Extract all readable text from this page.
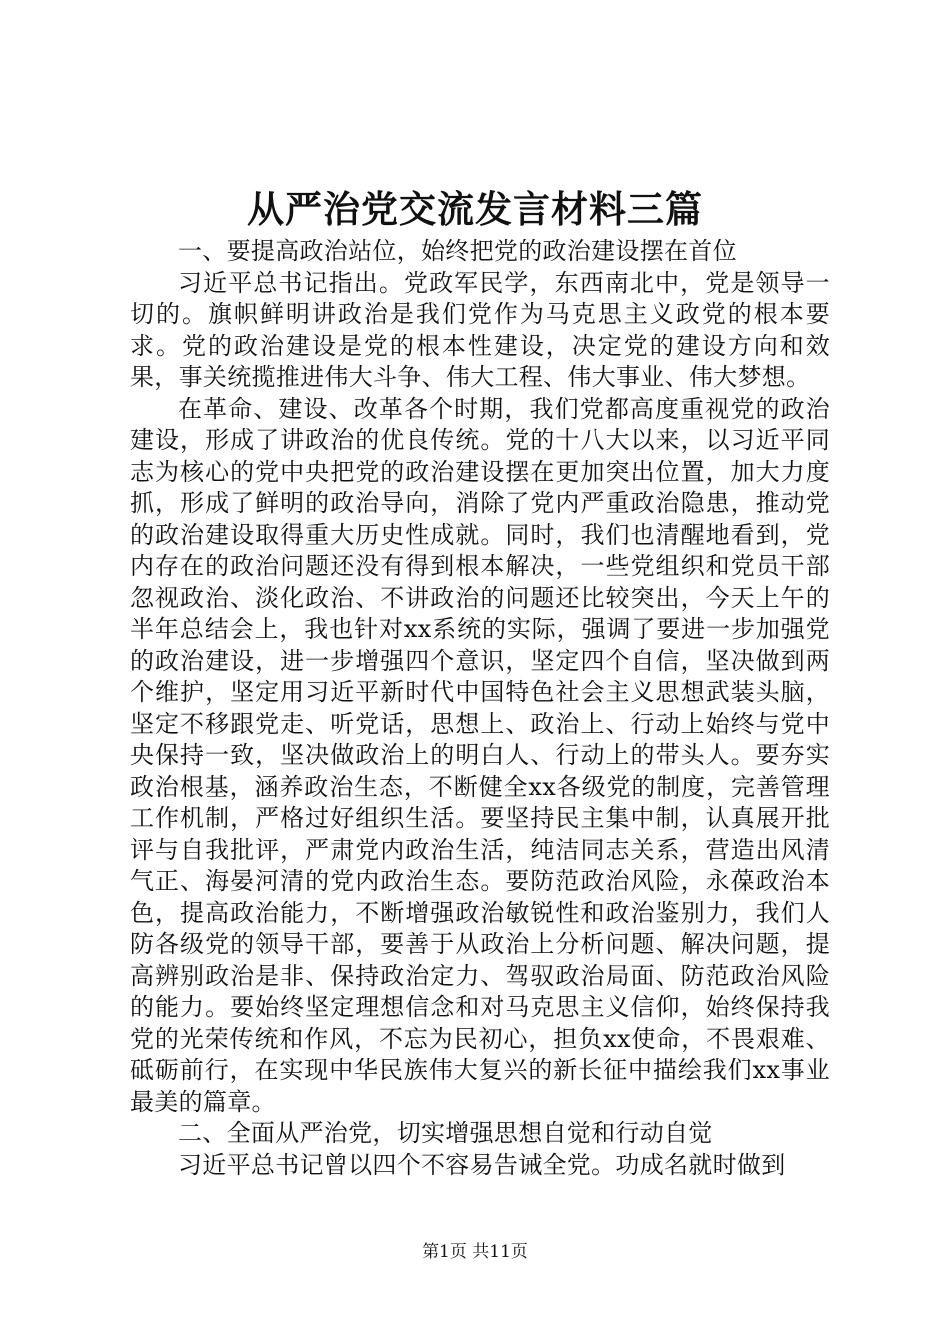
从严治党交流发言材料三篇

一、要提高政治站位，始终把党的政治建设摆在首位

习近平总书记指出。党政军民学，东西南北中，党是领导一切的。旗帜鲜明讲政治是我们党作为马克思主义政党的根本要求。党的政治建设是党的根本性建设，决定党的建设方向和效果，事关统揽推进伟大斗争、伟大工程、伟大事业、伟大梦想。

在革命、建设、改革各个时期，我们党都高度重视党的政治建设，形成了讲政治的优良传统。党的十八大以来，以习近平同志为核心的党中央把党的政治建设摆在更加突出位置，加大力度抓，形成了鲜明的政治导向，消除了党内严重政治隐患，推动党的政治建设取得重大历史性成就。同时，我们也清醒地看到，党内存在的政治问题还没有得到根本解决，一些党组织和党员干部忽视政治、淡化政治、不讲政治的问题还比较突出，今天上午的半年总结会上，我也针对xx系统的实际，强调了要进一步加强党的政治建设，进一步增强四个意识，坚定四个自信，坚决做到两个维护，坚定用习近平新时代中国特色社会主义思想武装头脑，坚定不移跟党走、听党话，思想上、政治上、行动上始终与党中央保持一致，坚决做政治上的明白人、行动上的带头人。要夯实政治根基，涵养政治生态，不断健全xx各级党的制度，完善管理工作机制，严格过好组织生活。要坚持民主集中制，认真展开批评与自我批评，严肃党内政治生活，纯洁同志关系，营造出风清气正、海晏河清的党内政治生态。要防范政治风险，永葆政治本色，提高政治能力，不断增强政治敏锐性和政治鉴别力，我们人防各级党的领导干部，要善于从政治上分析问题、解决问题，提高辨别政治是非、保持政治定力、驾驭政治局面、防范政治风险的能力。要始终坚定理想信念和对马克思主义信仰，始终保持我党的光荣传统和作风，不忘为民初心，担负xx使命，不畏艰难、砥砺前行，在实现中华民族伟大复兴的新长征中描绘我们xx事业最美的篇章。

二、全面从严治党，切实增强思想自觉和行动自觉

习近平总书记曾以四个不容易告诫全党。功成名就时做到

第1页 共11页
